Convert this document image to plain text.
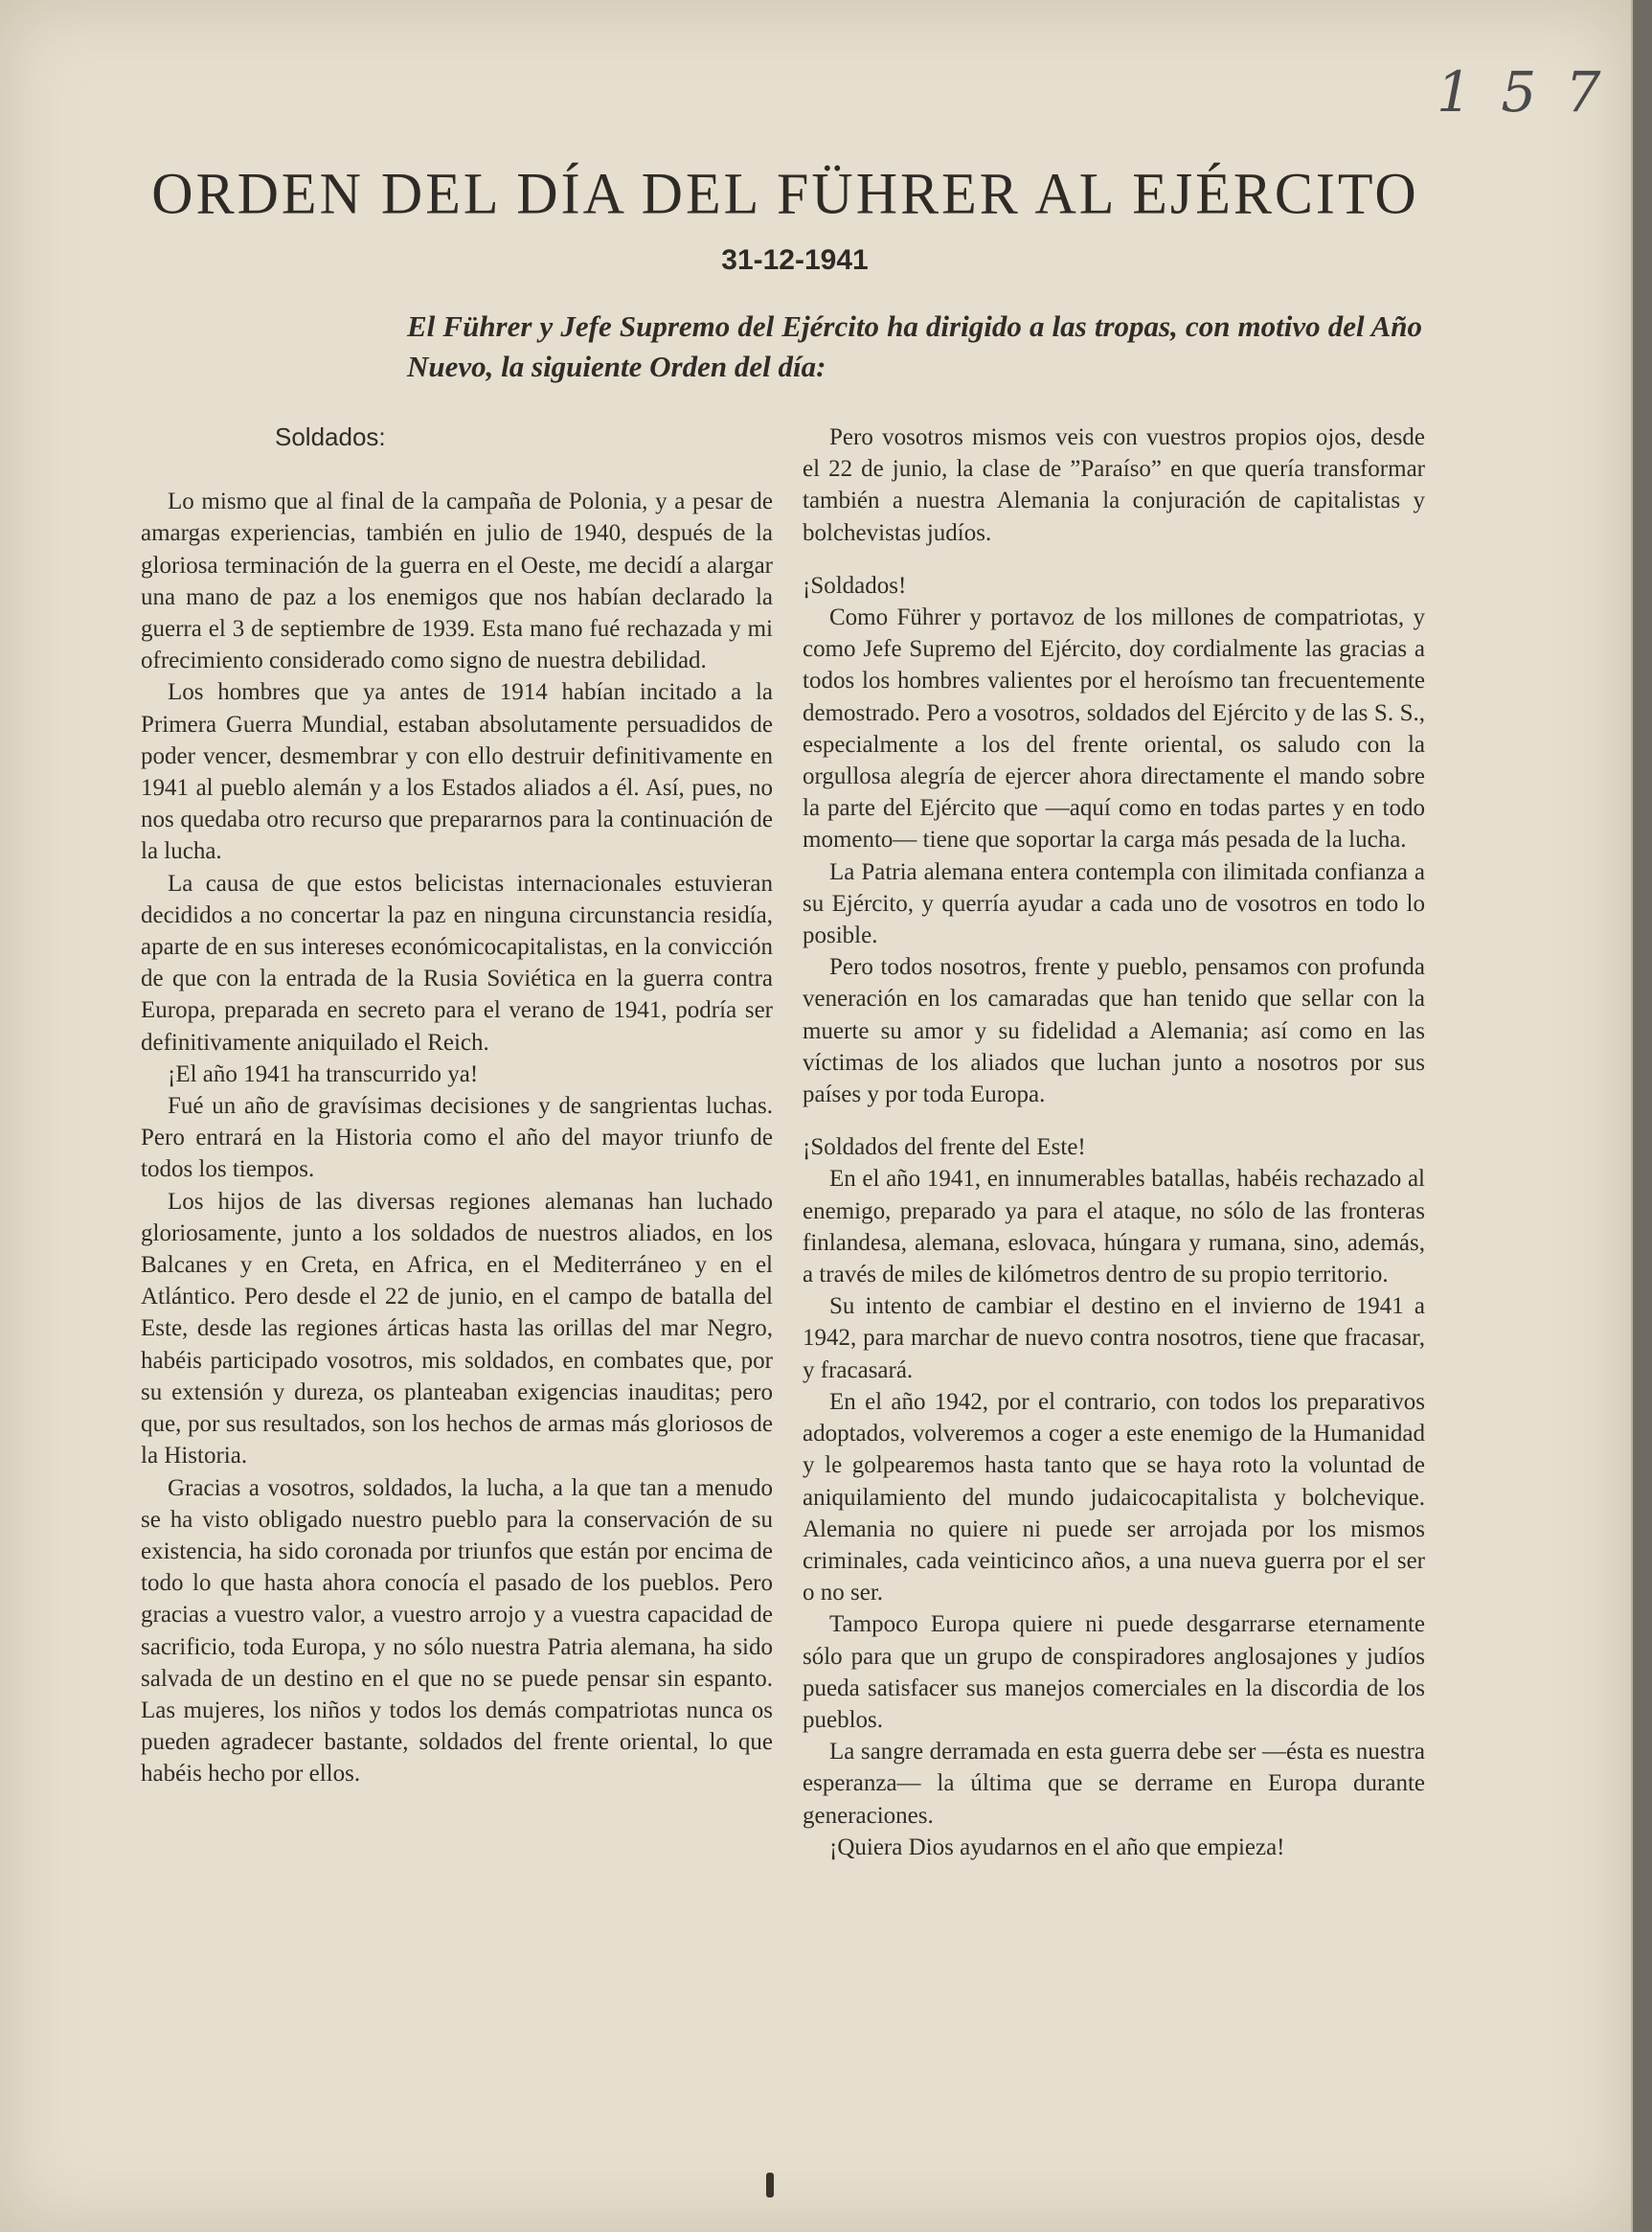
1 5 7
ORDEN DEL DÍA DEL FÜHRER AL EJÉRCITO
31-12-1941
El Führer y Jefe Supremo del Ejército ha dirigido a las tropas, con motivo del Año Nuevo, la siguiente Orden del día:

Soldados:

Lo mismo que al final de la campaña de Polonia, y a pesar de amargas experiencias, también en julio de 1940, después de la gloriosa terminación de la guerra en el Oeste, me decidí a alargar una mano de paz a los enemigos que nos habían declarado la guerra el 3 de septiembre de 1939. Esta mano fué rechazada y mi ofrecimiento considerado como signo de nuestra debilidad.

Los hombres que ya antes de 1914 habían incitado a la Primera Guerra Mundial, estaban absolutamente persuadidos de poder vencer, desmembrar y con ello destruir definitivamente en 1941 al pueblo alemán y a los Estados aliados a él. Así, pues, no nos quedaba otro recurso que prepararnos para la continuación de la lucha.

La causa de que estos belicistas internacionales estuvieran decididos a no concertar la paz en ninguna circunstancia residía, aparte de en sus intereses económicocapitalistas, en la convicción de que con la entrada de la Rusia Soviética en la guerra contra Europa, preparada en secreto para el verano de 1941, podría ser definitivamente aniquilado el Reich.

¡El año 1941 ha transcurrido ya!

Fué un año de gravísimas decisiones y de sangrientas luchas. Pero entrará en la Historia como el año del mayor triunfo de todos los tiempos.

Los hijos de las diversas regiones alemanas han luchado gloriosamente, junto a los soldados de nuestros aliados, en los Balcanes y en Creta, en Africa, en el Mediterráneo y en el Atlántico. Pero desde el 22 de junio, en el campo de batalla del Este, desde las regiones árticas hasta las orillas del mar Negro, habéis participado vosotros, mis soldados, en combates que, por su extensión y dureza, os planteaban exigencias inauditas; pero que, por sus resultados, son los hechos de armas más gloriosos de la Historia.

Gracias a vosotros, soldados, la lucha, a la que tan a menudo se ha visto obligado nuestro pueblo para la conservación de su existencia, ha sido coronada por triunfos que están por encima de todo lo que hasta ahora conocía el pasado de los pueblos. Pero gracias a vuestro valor, a vuestro arrojo y a vuestra capacidad de sacrificio, toda Europa, y no sólo nuestra Patria alemana, ha sido salvada de un destino en el que no se puede pensar sin espanto. Las mujeres, los niños y todos los demás compatriotas nunca os pueden agradecer bastante, soldados del frente oriental, lo que habéis hecho por ellos.

Pero vosotros mismos veis con vuestros propios ojos, desde el 22 de junio, la clase de ”Paraíso” en que quería transformar también a nuestra Alemania la conjuración de capitalistas y bolchevistas judíos.

¡Soldados!

Como Führer y portavoz de los millones de compatriotas, y como Jefe Supremo del Ejército, doy cordialmente las gracias a todos los hombres valientes por el heroísmo tan frecuentemente demostrado. Pero a vosotros, soldados del Ejército y de las S. S., especialmente a los del frente oriental, os saludo con la orgullosa alegría de ejercer ahora directamente el mando sobre la parte del Ejército que —aquí como en todas partes y en todo momento— tiene que soportar la carga más pesada de la lucha.

La Patria alemana entera contempla con ilimitada confianza a su Ejército, y querría ayudar a cada uno de vosotros en todo lo posible.

Pero todos nosotros, frente y pueblo, pensamos con profunda veneración en los camaradas que han tenido que sellar con la muerte su amor y su fidelidad a Alemania; así como en las víctimas de los aliados que luchan junto a nosotros por sus países y por toda Europa.

¡Soldados del frente del Este!

En el año 1941, en innumerables batallas, habéis rechazado al enemigo, preparado ya para el ataque, no sólo de las fronteras finlandesa, alemana, eslovaca, húngara y rumana, sino, además, a través de miles de kilómetros dentro de su propio territorio.

Su intento de cambiar el destino en el invierno de 1941 a 1942, para marchar de nuevo contra nosotros, tiene que fracasar, y fracasará.

En el año 1942, por el contrario, con todos los preparativos adoptados, volveremos a coger a este enemigo de la Humanidad y le golpearemos hasta tanto que se haya roto la voluntad de aniquilamiento del mundo judaicocapitalista y bolchevique. Alemania no quiere ni puede ser arrojada por los mismos criminales, cada veinticinco años, a una nueva guerra por el ser o no ser.

Tampoco Europa quiere ni puede desgarrarse eternamente sólo para que un grupo de conspiradores anglosajones y judíos pueda satisfacer sus manejos comerciales en la discordia de los pueblos.

La sangre derramada en esta guerra debe ser —ésta es nuestra esperanza— la última que se derrame en Europa durante generaciones.

¡Quiera Dios ayudarnos en el año que empieza!
